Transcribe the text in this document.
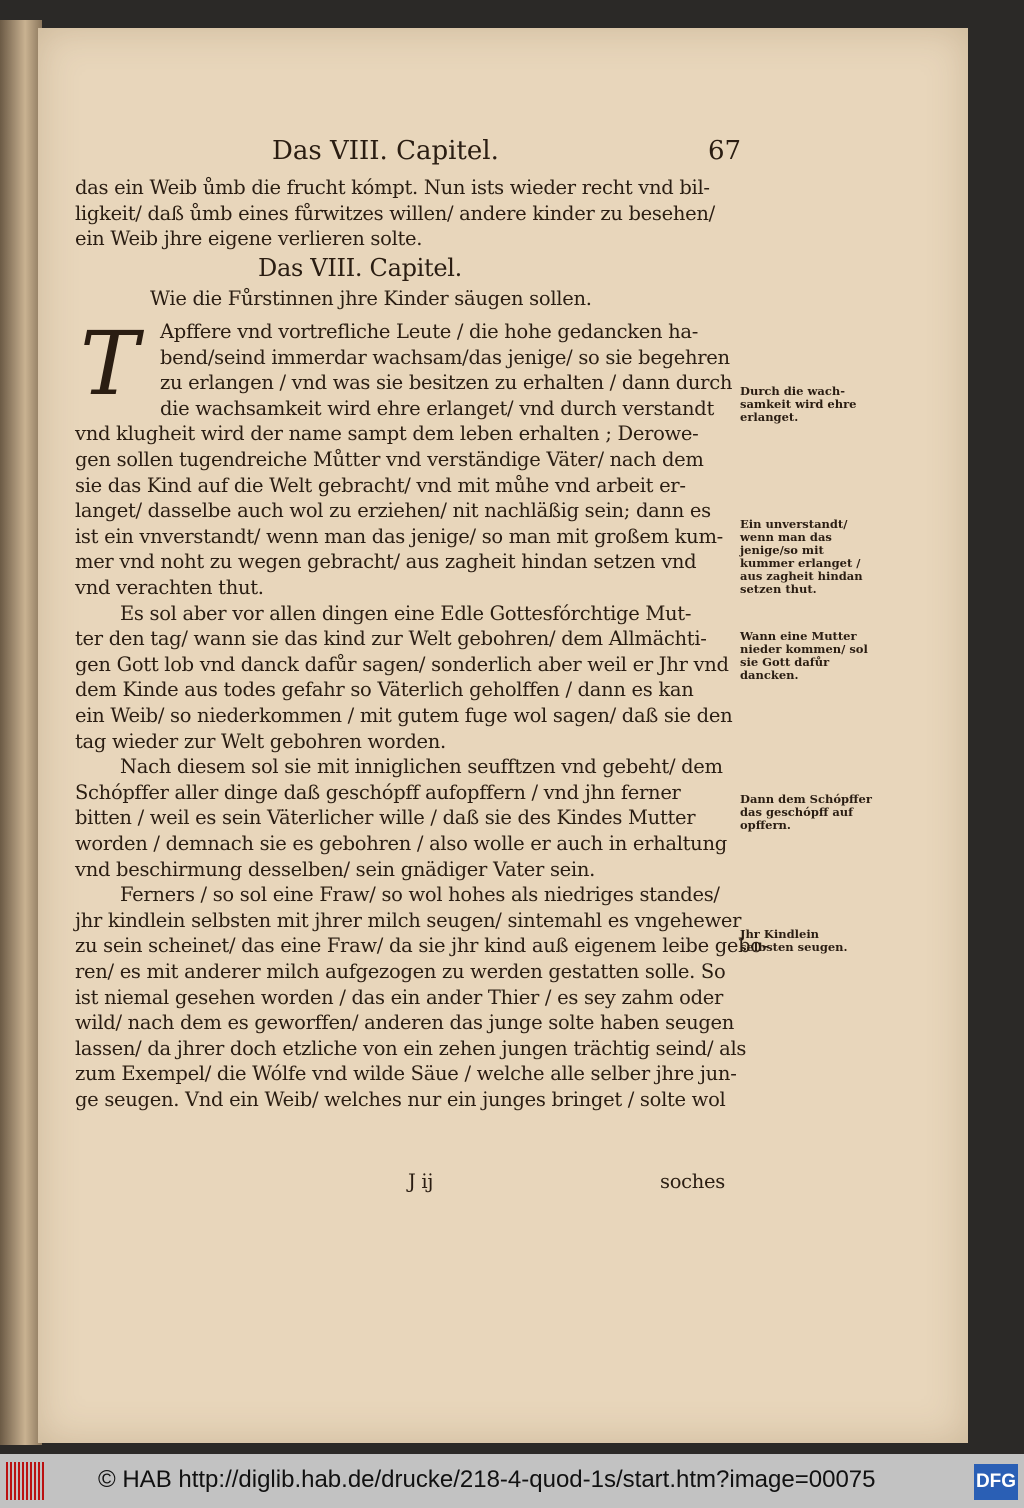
Das VIII. Capitel.	67
das ein Weib ůmb die frucht kómpt. Nun ists wieder recht vnd bil-
ligkeit/ daß ůmb eines fůrwitzes willen/ andere kinder zu besehen/
ein Weib jhre eigene verlieren solte.
Das VIII. Capitel.
Wie die Fůrstinnen jhre Kinder säugen sollen.
Apffere vnd vortrefliche Leute / die hohe gedancken ha-
bend/seind immerdar wachsam/das jenige/ so sie begehren
zu erlangen / vnd was sie besitzen zu erhalten / dann durch
die wachsamkeit wird ehre erlanget/ vnd durch verstandt
vnd klugheit wird der name sampt dem leben erhalten ; Derowe-
gen sollen tugendreiche Můtter vnd verständige Väter/ nach dem
sie das Kind auf die Welt gebracht/ vnd mit můhe vnd arbeit er-
langet/ dasselbe auch wol zu erziehen/ nit nachläßig sein; dann es
ist ein vnverstandt/ wenn man das jenige/ so man mit großem kum-
mer vnd noht zu wegen gebracht/ aus zagheit hindan setzen vnd
vnd verachten thut.
Es sol aber vor allen dingen eine Edle Gottesfórchtige Mut-
ter den tag/ wann sie das kind zur Welt gebohren/ dem Allmächti-
gen Gott lob vnd danck dafůr sagen/ sonderlich aber weil er Jhr vnd
dem Kinde aus todes gefahr so Väterlich geholffen / dann es kan
ein Weib/ so niederkommen / mit gutem fuge wol sagen/ daß sie den
tag wieder zur Welt gebohren worden.
Nach diesem sol sie mit inniglichen seufftzen vnd gebeht/ dem
Schópffer aller dinge daß geschópff aufopffern / vnd jhn ferner
bitten / weil es sein Väterlicher wille / daß sie des Kindes Mutter
worden / demnach sie es gebohren / also wolle er auch in erhaltung
vnd beschirmung desselben/ sein gnädiger Vater sein.
Ferners / so sol eine Fraw/ so wol hohes als niedriges standes/
jhr kindlein selbsten mit jhrer milch seugen/ sintemahl es vngehewer
zu sein scheinet/ das eine Fraw/ da sie jhr kind auß eigenem leibe gebo-
ren/ es mit anderer milch aufgezogen zu werden gestatten solle. So
ist niemal gesehen worden / das ein ander Thier / es sey zahm oder
wild/ nach dem es geworffen/ anderen das junge solte haben seugen
lassen/ da jhrer doch etzliche von ein zehen jungen trächtig seind/ als
zum Exempel/ die Wólfe vnd wilde Säue / welche alle selber jhre jun-
ge seugen. Vnd ein Weib/ welches nur ein junges bringet / solte wol
T	Durch die wach-samkeit wird ehre erlanget.
Ein unverstandt/ wenn man das jenige/so mit kummer erlanget / aus zagheit hindan setzen thut.
Wann eine Mutter nieder kommen/ sol sie Gott dafůr dancken.
Dann dem Schópffer das geschópff auf opffern.
Jhr Kindlein selbsten seugen.
J ij	soches
© HAB http://diglib.hab.de/drucke/218-4-quod-1s/start.htm?image=00075	DFG
